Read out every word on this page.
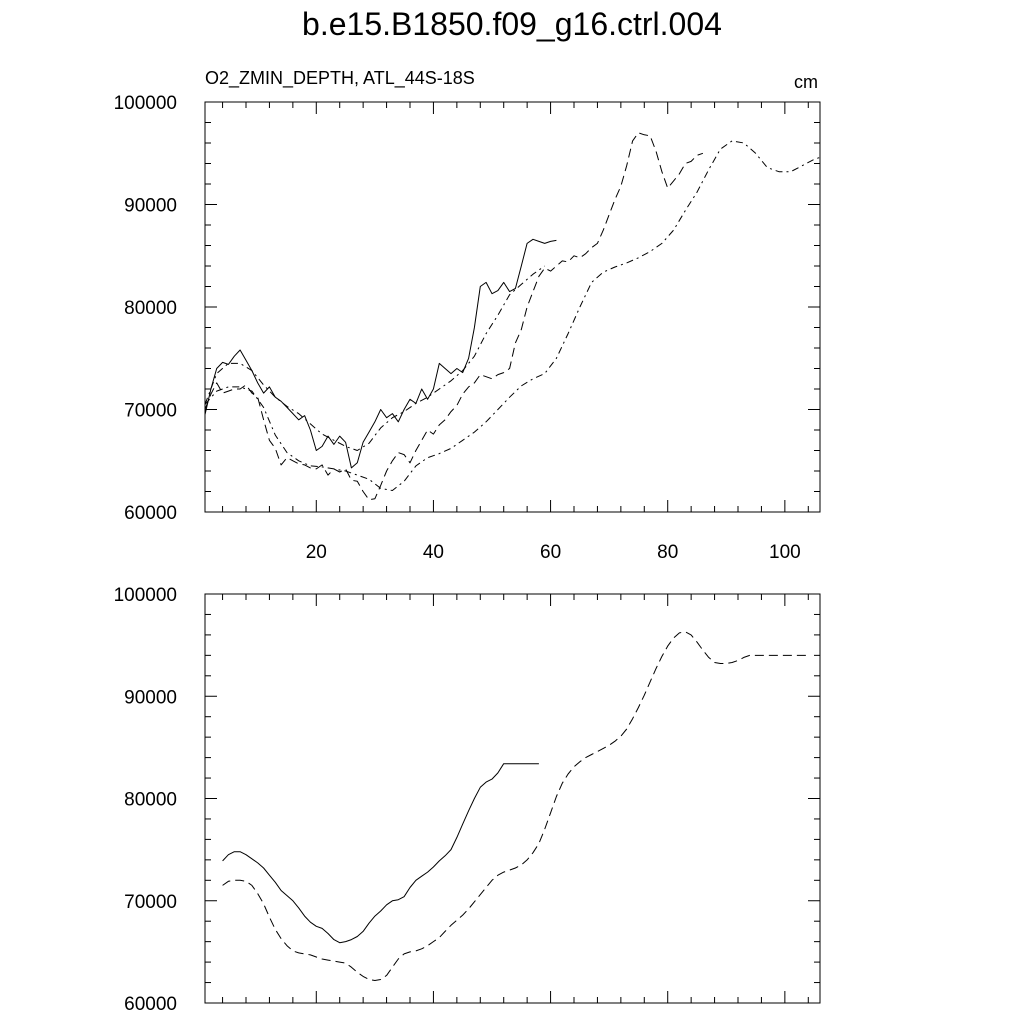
b.e15.B1850.f09_g16.ctrl.004
60000
70000
80000
90000
100000
20	40	60	80	100
O2_ZMIN_DEPTH, ATL_44S-18S	cm
60000
70000
80000
90000
100000
